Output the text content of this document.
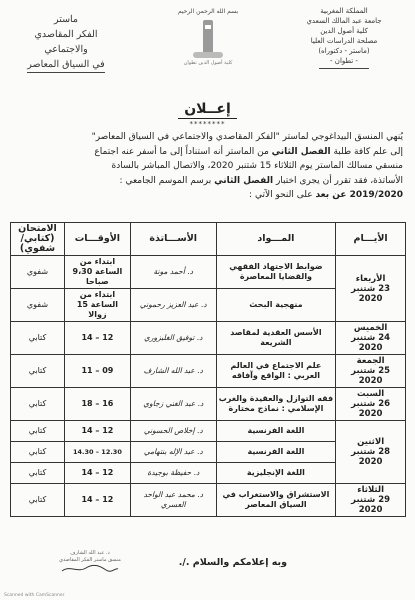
المملكة المغربية
جامعة عبد المالك السعدي
كلية أصول الدين
مصلحة الدراسات العليا
(ماستر - دكتوراه)
- تطوان -
بسم الله الرحمن الرحيم
كلية أصول الدين تطوان
ماستر
الفكر المقاصدي والاجتماعي
في السياق المعاصر
إعــلان
********
يُنهي المنسق البيداغوجي لماستر "الفكر المقاصدي والاجتماعي في السياق المعاصر"
إلى علم كافة طلبة الفصل الثاني من الماستر أنه استناداً إلى ما أسفر عنه اجتماع
منسقي مسالك الماستر يوم الثلاثاء 15 شتنبر 2020، والاتصال المباشر بالسادة
الأساتذة، فقد تقرر أن يجرى اختبار الفصل الثاني برسم الموسم الجامعي :
2019/2020 عن بعد على النحو الآتي :
الأيـــام	المـــواد	الأســـاتذة	الأوقـــات	الامتحان (كتابي/ شفوي)

الأربعاء
23 شتنبر 2020	ضوابط الاجتهاد الفقهي والقضايا المعاصرة	د. أحمد مونة	ابتداء من الساعة 9،30 صباحا	شفوي
	منهجية البحث	د. عبد العزيز رحموني	ابتداء من الساعة 15 زوالا	شفوي

الخميس
24 شتنبر 2020	الأسس العقدية لمقاصد الشريعة	د. توفيق الغلبزوري	12 – 14	كتابي

الجمعة
25 شتنبر 2020	علم الاجتماع في العالم العربي : الواقع وآفاقه	د. عبد الله الشارف	09 – 11	كتابي

السبت
26 شتنبر 2020	فقه التوازل والعقيدة والغرب الإسلامي : نماذج مختارة	د. عبد الغني زجاوي	16 – 18	كتابي

الاثنين
28 شتنبر 2020	اللغة الفرنسية	د. إخلاص الحسوني	12 – 14	كتابي
	اللغة الفرنسية	د. عبد الإله بنتهامي	12.30 – 14.30	كتابي
	اللغة الإنجليزية	د. حفيظة بوجيدة	12 – 14	كتابي

الثلاثاء
29 شتنبر 2020	الاستشراق والاستغراب في السياق المعاصر	د. محمد عبد الواحد العسري	12 – 14	كتابي
د. عبد الله الشارف
منسق ماستر الفكر المقاصدي	وبه إعلامكم والسلام ./.
Scanned with CamScanner
